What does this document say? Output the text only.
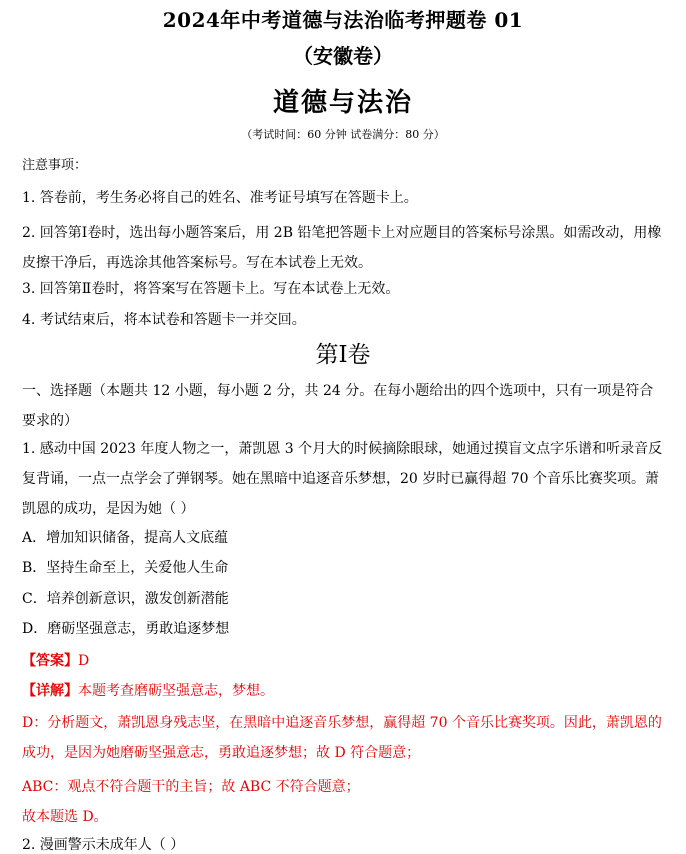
2024年中考道德与法治临考押题卷 01
（安徽卷）
道德与法治
（考试时间：60 分钟 试卷满分：80 分）
注意事项：
1. 答卷前，考生务必将自己的姓名、准考证号填写在答题卡上。
2. 回答第Ⅰ卷时，选出每小题答案后，用 2B 铅笔把答题卡上对应题目的答案标号涂黑。如需改动，用橡皮擦干净后，再选涂其他答案标号。写在本试卷上无效。
3. 回答第Ⅱ卷时，将答案写在答题卡上。写在本试卷上无效。
4. 考试结束后，将本试卷和答题卡一并交回。
第Ⅰ卷
一、选择题（本题共 12 小题，每小题 2 分，共 24 分。在每小题给出的四个选项中，只有一项是符合要求的）
1. 感动中国 2023 年度人物之一，萧凯恩 3 个月大的时候摘除眼球，她通过摸盲文点字乐谱和听录音反复背诵，一点一点学会了弹钢琴。她在黑暗中追逐音乐梦想，20 岁时已赢得超 70 个音乐比赛奖项。萧凯恩的成功，是因为她（ ）
A．增加知识储备，提高人文底蕴
B．坚持生命至上，关爱他人生命
C．培养创新意识，激发创新潜能
D．磨砺坚强意志，勇敢追逐梦想
【答案】D
【详解】本题考查磨砺坚强意志，梦想。
D：分析题文，萧凯恩身残志坚，在黑暗中追逐音乐梦想，赢得超 70 个音乐比赛奖项。因此，萧凯恩的成功，是因为她磨砺坚强意志，勇敢追逐梦想；故 D 符合题意；
ABC：观点不符合题干的主旨；故 ABC 不符合题意；
故本题选 D。
2. 漫画警示未成年人（ ）
